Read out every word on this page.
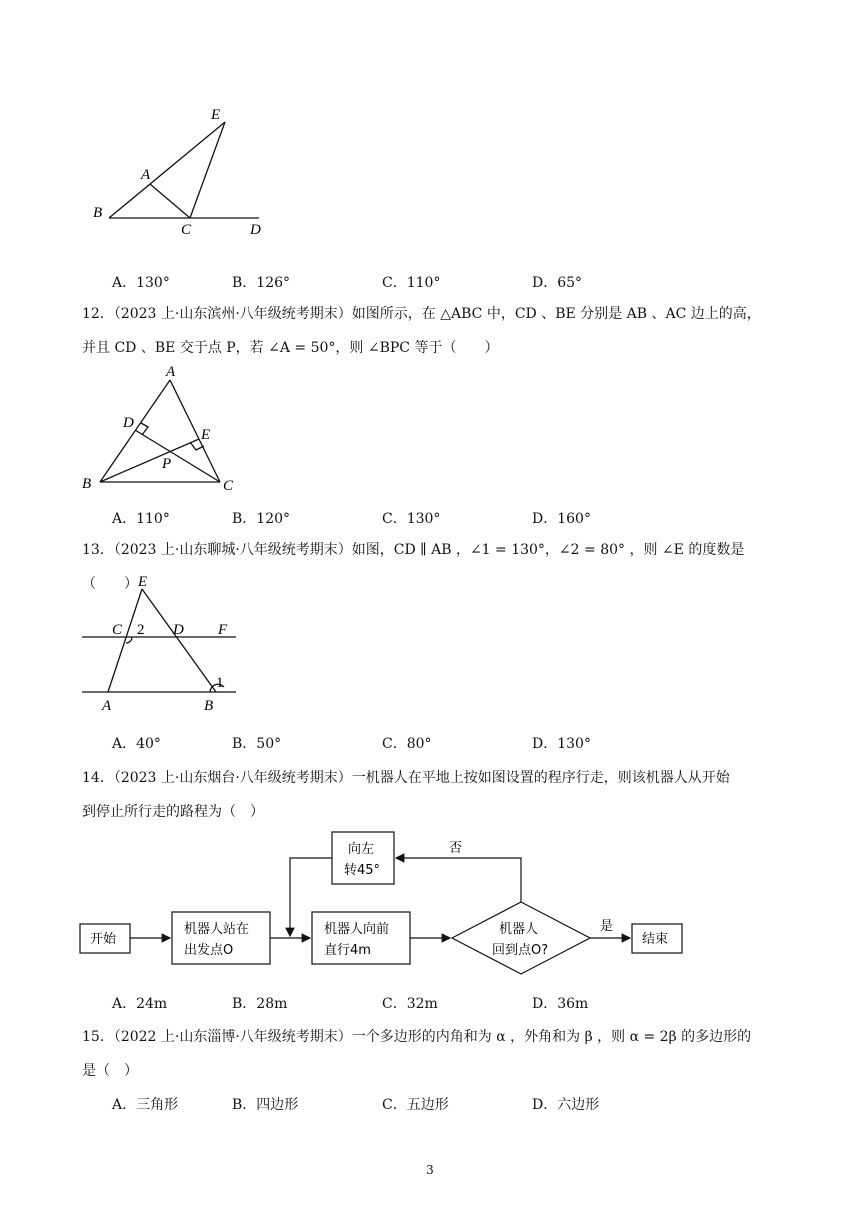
E
A
B
C	D
A．130°	B．126°	C．110°	D．65°
12．（2023 上·山东滨州·八年级统考期末）如图所示，在 △ABC 中，CD 、BE 分别是 AB 、AC 边上的高，
并且 CD 、BE 交于点 P，若 ∠A = 50°，则 ∠BPC 等于（　　）
A
D
E
P
B	C
A．110°	B．120°	C．130°	D．160°
13．（2023 上·山东聊城·八年级统考期末）如图，CD ∥ AB ，∠1 = 130°，∠2 = 80° ，则 ∠E 的度数是（　　） E
C 2 D F
1
A	B
A．40°	B．50°	C．80°	D．130°
14．（2023 上·山东烟台·八年级统考期末）一机器人在平地上按如图设置的程序行走，则该机器人从开始
到停止所行走的路程为（　）
开始
机器人站在
出发点O
机器人向前
直行4m
机器人
回到点O?
向左
转45°
否
是
结束
A．24m	B．28m	C．32m	D．36m
15．（2022 上·山东淄博·八年级统考期末）一个多边形的内角和为 α ，外角和为 β ，则 α = 2β 的多边形的
是（　）
A．三角形	B．四边形	C．五边形	D．六边形
3
